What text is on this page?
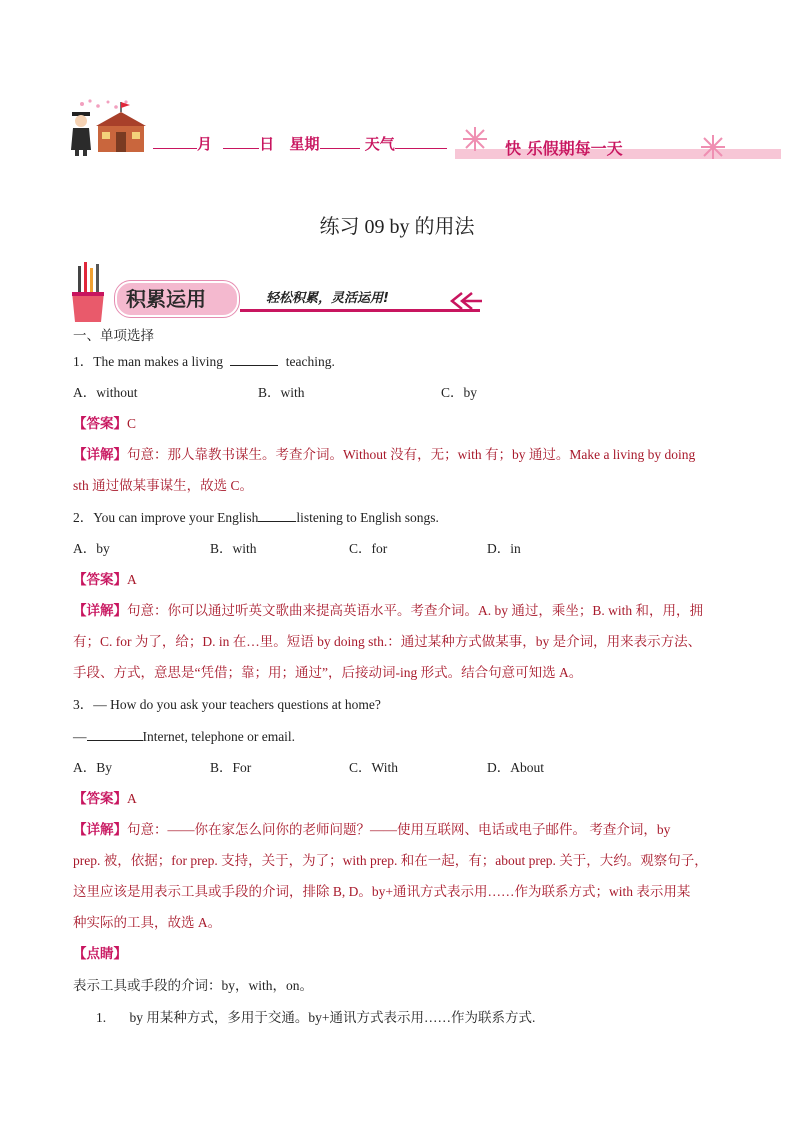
月	日 星期	天气	快 乐假期每一天
练习 09 by 的用法
积累运用	轻松积累，灵活运用!
一、单项选择
1．The man makes a living	teaching.
A．without	B．with	C．by
【答案】C
【详解】句意：那人靠教书谋生。考查介词。Without 没有，无；with 有；by 通过。Make a living by doing
sth 通过做某事谋生，故选 C。
2．You can improve your English	listening to English songs.
A．by	B．with	C．for	D．in
【答案】A
【详解】句意：你可以通过听英文歌曲来提高英语水平。考查介词。A. by 通过，乘坐；B. with 和，用，拥
有；C. for 为了，给；D. in 在…里。短语 by doing sth.：通过某种方式做某事，by 是介词，用来表示方法、
手段、方式，意思是“凭借；靠；用；通过”，后接动词-ing 形式。结合句意可知选 A。
3．— How do you ask your teachers questions at home?
—	Internet, telephone or email.
A．By	B．For	C．With	D．About
【答案】A
【详解】句意：——你在家怎么问你的老师问题？——使用互联网、电话或电子邮件。 考查介词，by
prep. 被，依据；for prep. 支持，关于，为了；with prep. 和在一起，有；about prep. 关于，大约。观察句子，
这里应该是用表示工具或手段的介词，排除 B, D。by+通讯方式表示用……作为联系方式；with 表示用某
种实际的工具，故选 A。
【点睛】
表示工具或手段的介词：by，with，on。
1. by 用某种方式，多用于交通。by+通讯方式表示用……作为联系方式.
